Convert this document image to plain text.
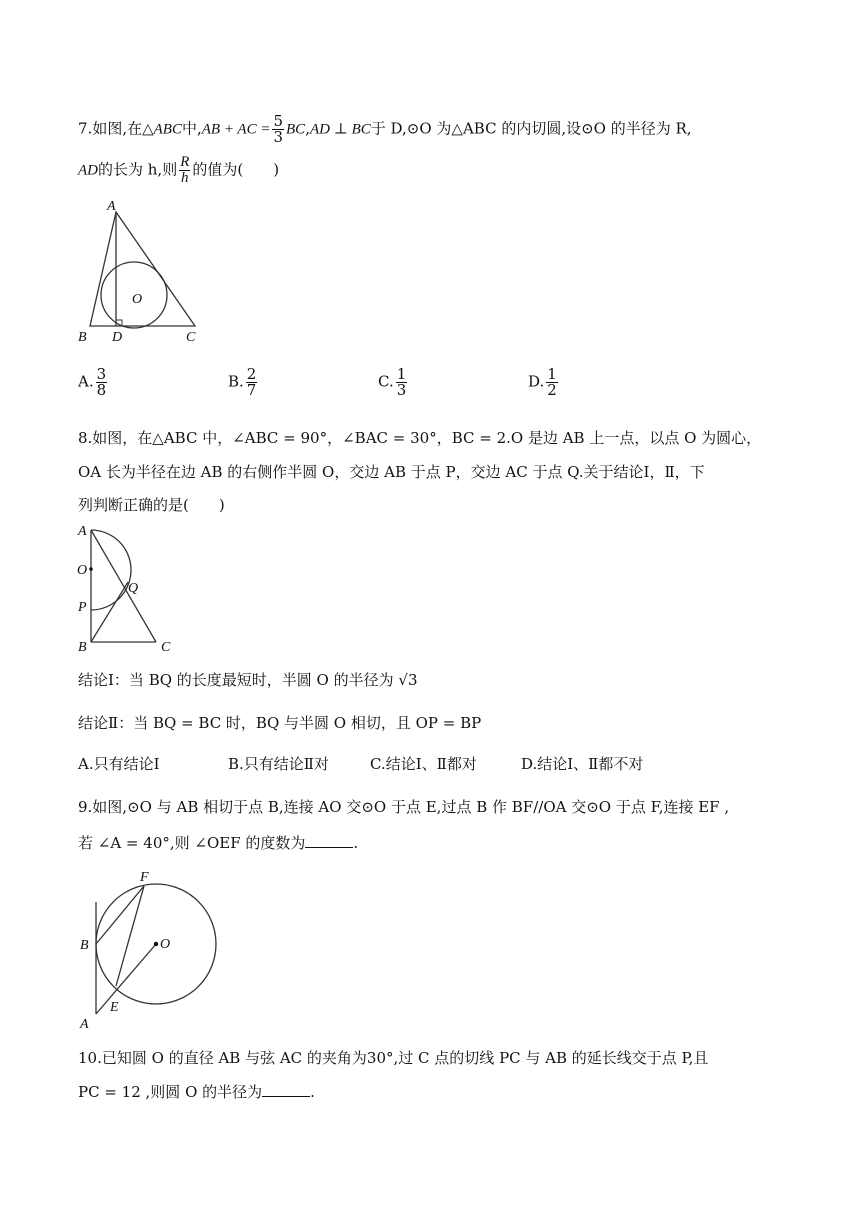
7.如图,在△ABC中,AB + AC = $\frac{5}{3} BC,AD$ ⊥ BC于 D,⊙O 为△ABC 的内切圆,设⊙O 的半径为 R,
AD的长为 h,则 $\frac{R}{h}$ 的值为(　　)
A
B D	C
O
A. $\frac{3}{8}$	B. $\frac{2}{7}$	C. $\frac{1}{3}$	D. $\frac{1}{2}$
8.如图，在△ABC 中，∠ABC = 90°，∠BAC = 30°，BC = 2.O 是边 AB 上一点，以点 O 为圆心，
OA 长为半径在边 AB 的右侧作半圆 O，交边 AB 于点 P，交边 AC 于点 Q.关于结论Ⅰ，Ⅱ，下
列判断正确的是(　　)
A
O
P
Q
B	C
结论Ⅰ：当 BQ 的长度最短时，半圆 O 的半径为 √3
结论Ⅱ：当 BQ = BC 时，BQ 与半圆 O 相切，且 OP = BP
A.只有结论Ⅰ	B.只有结论Ⅱ对	C.结论Ⅰ、Ⅱ都对	D.结论Ⅰ、Ⅱ都不对
9.如图,⊙O 与 AB 相切于点 B,连接 AO 交⊙O 于点 E,过点 B 作 BF//OA 交⊙O 于点 F,连接 EF ,
若 ∠A = 40°,则 ∠OEF 的度数为	.
F
B	O
E
A
10.已知圆 O 的直径 AB 与弦 AC 的夹角为30°,过 C 点的切线 PC 与 AB 的延长线交于点 P,且
PC = 12 ,则圆 O 的半径为	.
